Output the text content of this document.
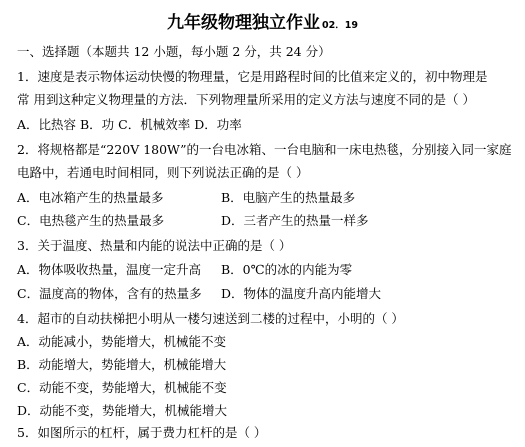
九年级物理独立作业 02．19
一、选择题（本题共 12 小题，每小题 2 分，共 24 分）
1．速度是表示物体运动快慢的物理量，它是用路程时间的比值来定义的，初中物理是
常 用到这种定义物理量的方法．下列物理量所采用的定义方法与速度不同的是（ ）
A．比热容 B．功 C．机械效率 D．功率
2．将规格都是“220V 180W”的一台电冰箱、一台电脑和一床电热毯，分别接入同一家庭
电路中，若通电时间相同，则下列说法正确的是（ ）
A．电冰箱产生的热量最多	B．电脑产生的热量最多
C．电热毯产生的热量最多	D．三者产生的热量一样多
3．关于温度、热量和内能的说法中正确的是（ ）
A．物体吸收热量，温度一定升高 B．0℃的冰的内能为零
C．温度高的物体，含有的热量多 D．物体的温度升高内能增大
4．超市的自动扶梯把小明从一楼匀速送到二楼的过程中，小明的（ ）
A．动能减小，势能增大，机械能不变
B．动能增大，势能增大，机械能增大
C．动能不变，势能增大，机械能不变
D．动能不变，势能增大，机械能增大
5．如图所示的杠杆，属于费力杠杆的是（ ）
